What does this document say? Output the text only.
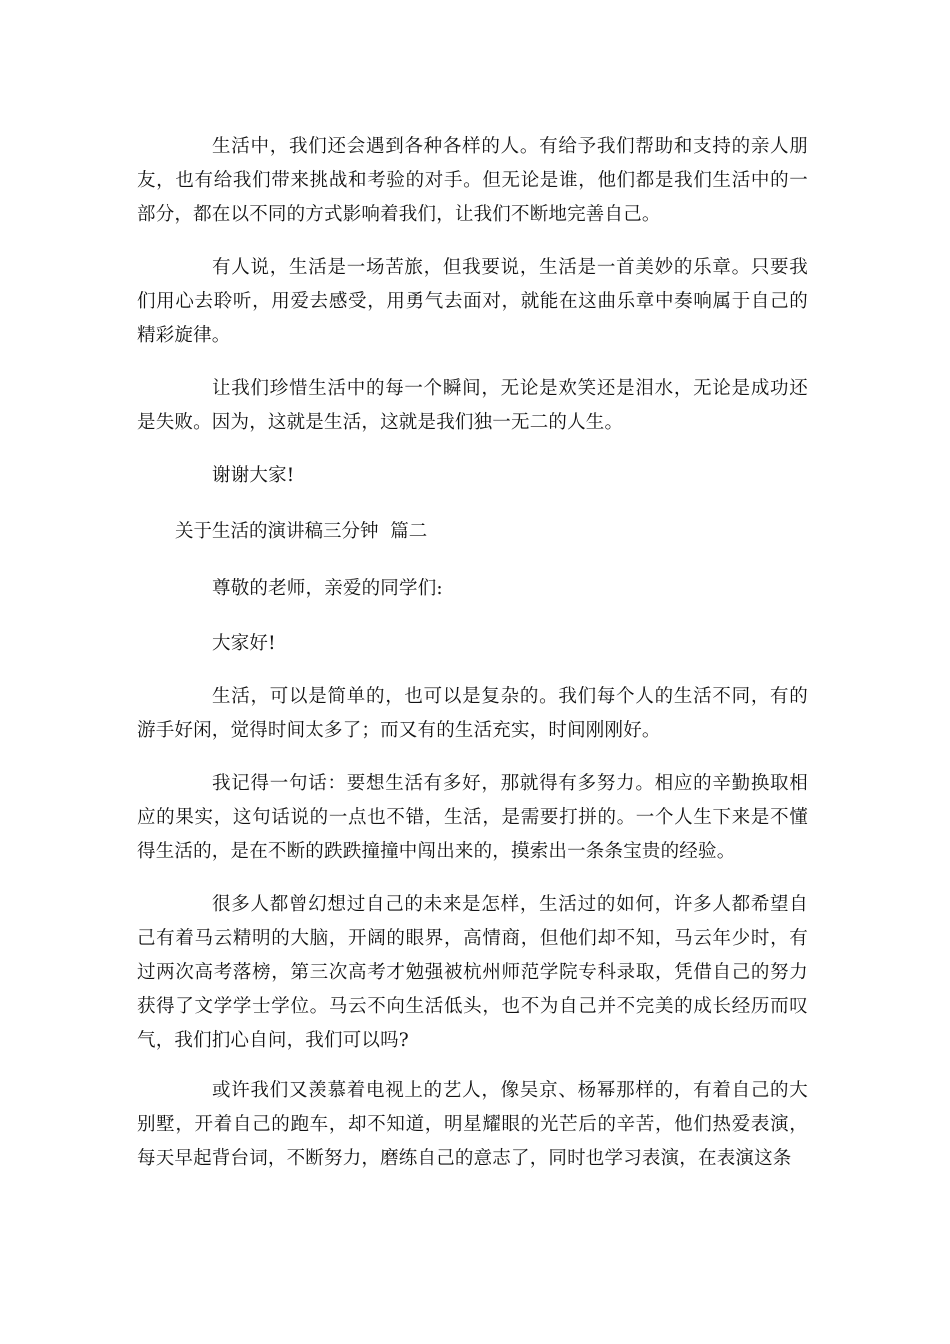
生活中，我们还会遇到各种各样的人。有给予我们帮助和支持的亲人朋友，也有给我们带来挑战和考验的对手。但无论是谁，他们都是我们生活中的一部分，都在以不同的方式影响着我们，让我们不断地完善自己。

有人说，生活是一场苦旅，但我要说，生活是一首美妙的乐章。只要我们用心去聆听，用爱去感受，用勇气去面对，就能在这曲乐章中奏响属于自己的精彩旋律。

让我们珍惜生活中的每一个瞬间，无论是欢笑还是泪水，无论是成功还是失败。因为，这就是生活，这就是我们独一无二的人生。

谢谢大家!

关于生活的演讲稿三分钟  篇二

尊敬的老师，亲爱的同学们:

大家好!

生活，可以是简单的，也可以是复杂的。我们每个人的生活不同，有的游手好闲，觉得时间太多了；而又有的生活充实，时间刚刚好。

我记得一句话：要想生活有多好，那就得有多努力。相应的辛勤换取相应的果实，这句话说的一点也不错，生活，是需要打拼的。一个人生下来是不懂得生活的，是在不断的跌跌撞撞中闯出来的，摸索出一条条宝贵的经验。

很多人都曾幻想过自己的未来是怎样，生活过的如何，许多人都希望自己有着马云精明的大脑，开阔的眼界，高情商，但他们却不知，马云年少时，有过两次高考落榜，第三次高考才勉强被杭州师范学院专科录取，凭借自己的努力获得了文学学士学位。马云不向生活低头，也不为自己并不完美的成长经历而叹气，我们扪心自问，我们可以吗?

或许我们又羡慕着电视上的艺人，像吴京、杨幂那样的，有着自己的大别墅，开着自己的跑车，却不知道，明星耀眼的光芒后的辛苦，他们热爱表演，每天早起背台词，不断努力，磨练自己的意志了，同时也学习表演，在表演这条
